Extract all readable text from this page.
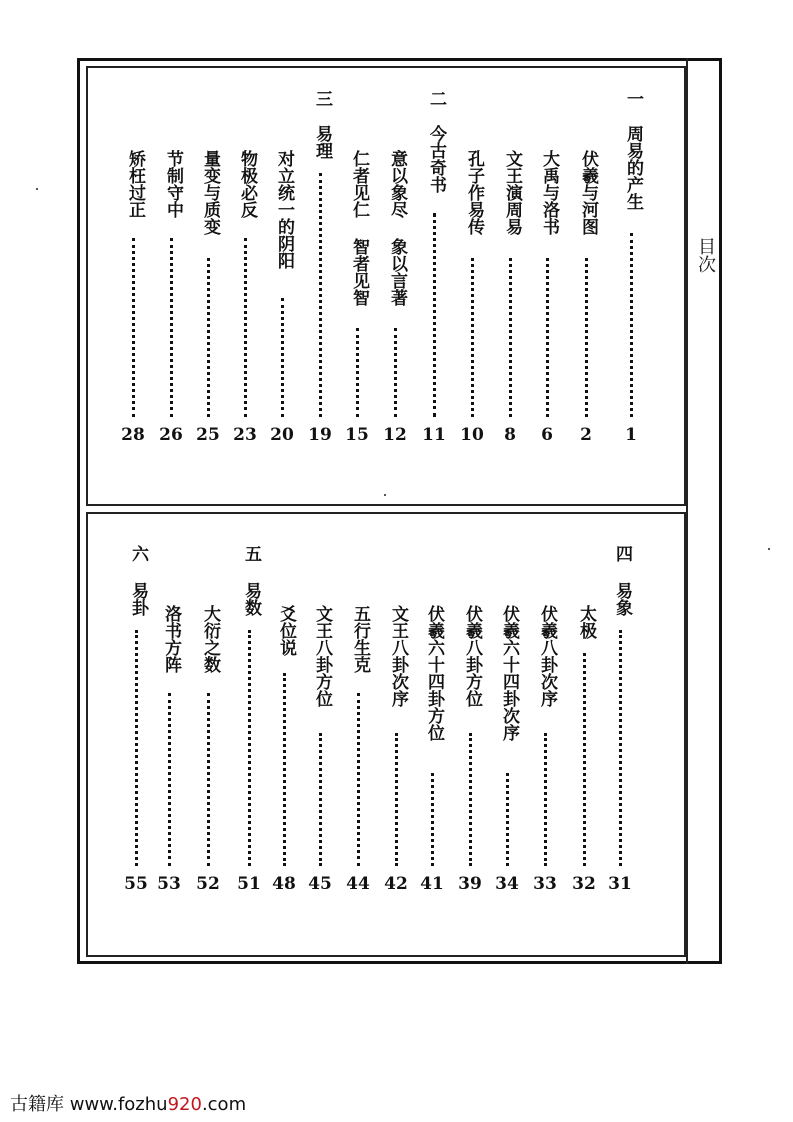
目次
一
周易的产生
1
伏羲与河图
2
大禹与洛书
6
文王演周易
8
孔子作易传
10
二
今古奇书
11
意以象尽 象以言著
12
仁者见仁 智者见智
15
三
易理
19
对立统一的阴阳
20
物极必反
23
量变与质变
25
节制守中
26
矫枉过正
28
四
易象
31
太极
32
伏羲八卦次序
33
伏羲六十四卦次序
34
伏羲八卦方位
39
伏羲六十四卦方位
41
文王八卦次序
42
五行生克
44
文王八卦方位
45
爻位说
48
五
易数
51
大衍之数
52
洛书方阵
53
六
易卦
55
古籍库 www.fozhu920.com
